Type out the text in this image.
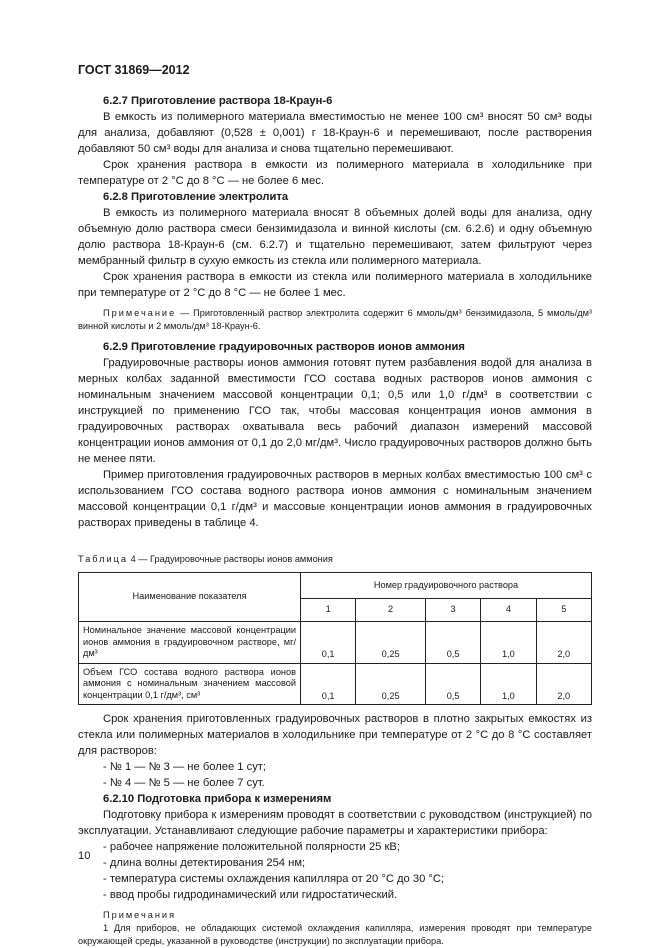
ГОСТ 31869—2012

6.2.7 Приготовление раствора 18-Краун-6

В емкость из полимерного материала вместимостью не менее 100 см³ вносят 50 см³ воды для анализа, добавляют (0,528 ± 0,001) г 18-Краун-6 и перемешивают, после растворения добавляют 50 см³ воды для анализа и снова тщательно перемешивают.

Срок хранения раствора в емкости из полимерного материала в холодильнике при температуре от 2 °С до 8 °С — не более 6 мес.

6.2.8 Приготовление электролита

В емкость из полимерного материала вносят 8 объемных долей воды для анализа, одну объемную долю раствора смеси бензимидазола и винной кислоты (см. 6.2.6) и одну объемную долю раствора 18-Краун-6 (см. 6.2.7) и тщательно перемешивают, затем фильтруют через мембранный фильтр в сухую емкость из стекла или полимерного материала.

Срок хранения раствора в емкости из стекла или полимерного материала в холодильнике при температуре от 2 °С до 8 °С — не более 1 мес.

Примечание — Приготовленный раствор электролита содержит 6 ммоль/дм³ бензимидазола, 5 ммоль/дм³ винной кислоты и 2 ммоль/дм³ 18-Краун-6.

6.2.9 Приготовление градуировочных растворов ионов аммония

Градуировочные растворы ионов аммония готовят путем разбавления водой для анализа в мерных колбах заданной вместимости ГСО состава водных растворов ионов аммония с номинальным значением массовой концентрации 0,1; 0,5 или 1,0 г/дм³ в соответствии с инструкцией по применению ГСО так, чтобы массовая концентрация ионов аммония в градуировочных растворах охватывала весь рабочий диапазон измерений массовой концентрации ионов аммония от 0,1 до 2,0 мг/дм³. Число градуировочных растворов должно быть не менее пяти.

Пример приготовления градуировочных растворов в мерных колбах вместимостью 100 см³ с использованием ГСО состава водного раствора ионов аммония с номинальным значением массовой концентрации 0,1 г/дм³ и массовые концентрации ионов аммония в градуировочных растворах приведены в таблице 4.

Таблица 4 — Градуировочные растворы ионов аммония

Наименование показателя	Номер градуировочного раствора				
	1	2	3	4	5
Номинальное значение массовой концентрации ионов аммония в градуировочном растворе, мг/дм³	0,1	0,25	0,5	1,0	2,0
Объем ГСО состава водного раствора ионов аммония с номинальным значением массовой концентрации 0,1 г/дм³, см³	0,1	0,25	0,5	1,0	2,0

Срок хранения приготовленных градуировочных растворов в плотно закрытых емкостях из стекла или полимерных материалов в холодильнике при температуре от 2 °С до 8 °С составляет для растворов:

- № 1 — № 3 — не более 1 сут;

- № 4 — № 5 — не более 7 сут.

6.2.10 Подготовка прибора к измерениям

Подготовку прибора к измерениям проводят в соответствии с руководством (инструкцией) по эксплуатации. Устанавливают следующие рабочие параметры и характеристики прибора:

- рабочее напряжение положительной полярности 25 кВ;

- длина волны детектирования 254 нм;

- температура системы охлаждения капилляра от 20 °С до 30 °С;

- ввод пробы гидродинамический или гидростатический.

Примечания

1 Для приборов, не обладающих системой охлаждения капилляра, измерения проводят при температуре окружающей среды, указанной в руководстве (инструкции) по эксплуатации прибора.

10
